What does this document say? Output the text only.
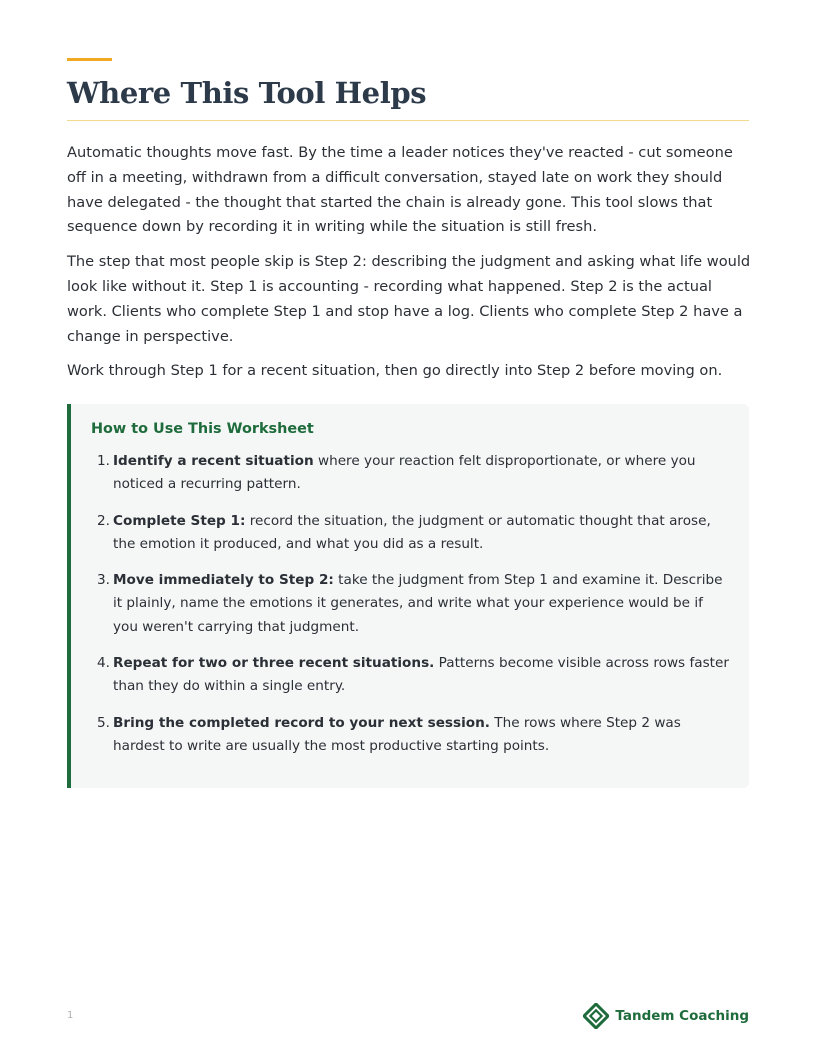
Where This Tool Helps

Automatic thoughts move fast. By the time a leader notices they've reacted - cut someone off in a meeting, withdrawn from a difficult conversation, stayed late on work they should have delegated - the thought that started the chain is already gone. This tool slows that sequence down by recording it in writing while the situation is still fresh.

The step that most people skip is Step 2: describing the judgment and asking what life would look like without it. Step 1 is accounting - recording what happened. Step 2 is the actual work. Clients who complete Step 1 and stop have a log. Clients who complete Step 2 have a change in perspective.

Work through Step 1 for a recent situation, then go directly into Step 2 before moving on.

How to Use This Worksheet
1. Identify a recent situation where your reaction felt disproportionate, or where you noticed a recurring pattern.
2. Complete Step 1: record the situation, the judgment or automatic thought that arose, the emotion it produced, and what you did as a result.
3. Move immediately to Step 2: take the judgment from Step 1 and examine it. Describe it plainly, name the emotions it generates, and write what your experience would be if you weren't carrying that judgment.
4. Repeat for two or three recent situations. Patterns become visible across rows faster than they do within a single entry.
5. Bring the completed record to your next session. The rows where Step 2 was hardest to write are usually the most productive starting points.
1	Tandem Coaching
